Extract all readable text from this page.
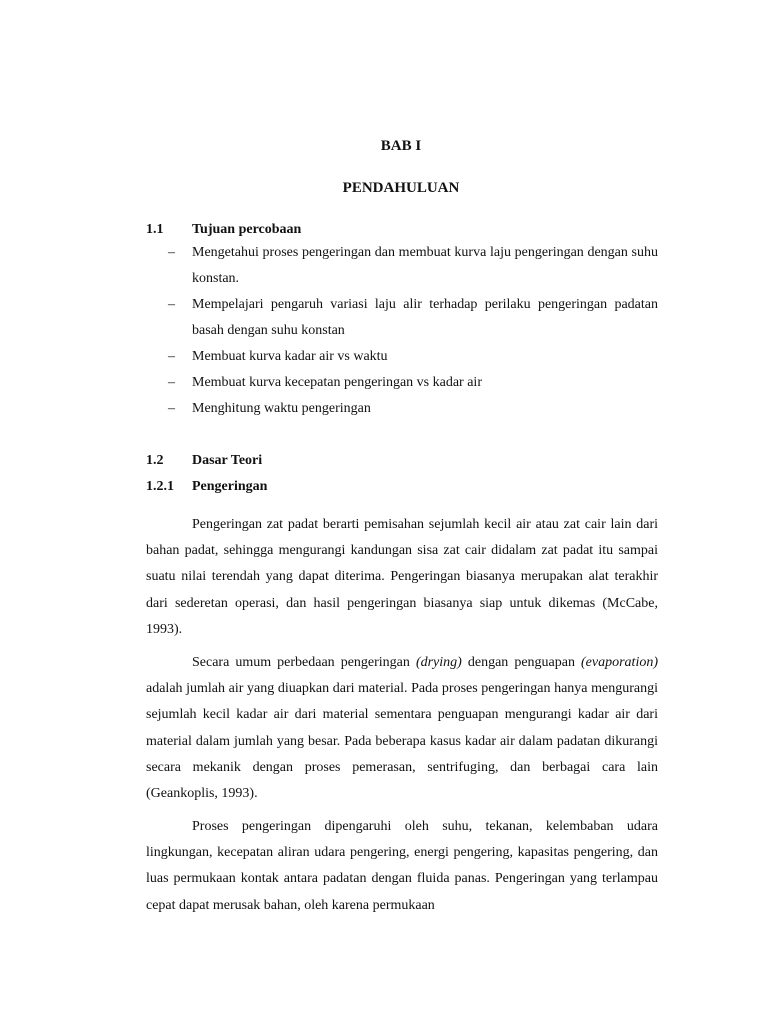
BAB I
PENDAHULUAN
1.1 Tujuan percobaan
– Mengetahui proses pengeringan dan membuat kurva laju pengeringan dengan suhu konstan.
– Mempelajari pengaruh variasi laju alir terhadap perilaku pengeringan padatan basah dengan suhu konstan
– Membuat kurva kadar air vs waktu
– Membuat kurva kecepatan pengeringan vs kadar air
– Menghitung waktu pengeringan
1.2 Dasar Teori
1.2.1 Pengeringan

Pengeringan zat padat berarti pemisahan sejumlah kecil air atau zat cair lain dari bahan padat, sehingga mengurangi kandungan sisa zat cair didalam zat padat itu sampai suatu nilai terendah yang dapat diterima. Pengeringan biasanya merupakan alat terakhir dari sederetan operasi, dan hasil pengeringan biasanya siap untuk dikemas (McCabe, 1993).

Secara umum perbedaan pengeringan (drying) dengan penguapan (evaporation) adalah jumlah air yang diuapkan dari material. Pada proses pengeringan hanya mengurangi sejumlah kecil kadar air dari material sementara penguapan mengurangi kadar air dari material dalam jumlah yang besar. Pada beberapa kasus kadar air dalam padatan dikurangi secara mekanik dengan proses pemerasan, sentrifuging, dan berbagai cara lain (Geankoplis, 1993).

Proses pengeringan dipengaruhi oleh suhu, tekanan, kelembaban udara lingkungan, kecepatan aliran udara pengering, energi pengering, kapasitas pengering, dan luas permukaan kontak antara padatan dengan fluida panas. Pengeringan yang terlampau cepat dapat merusak bahan, oleh karena permukaan
